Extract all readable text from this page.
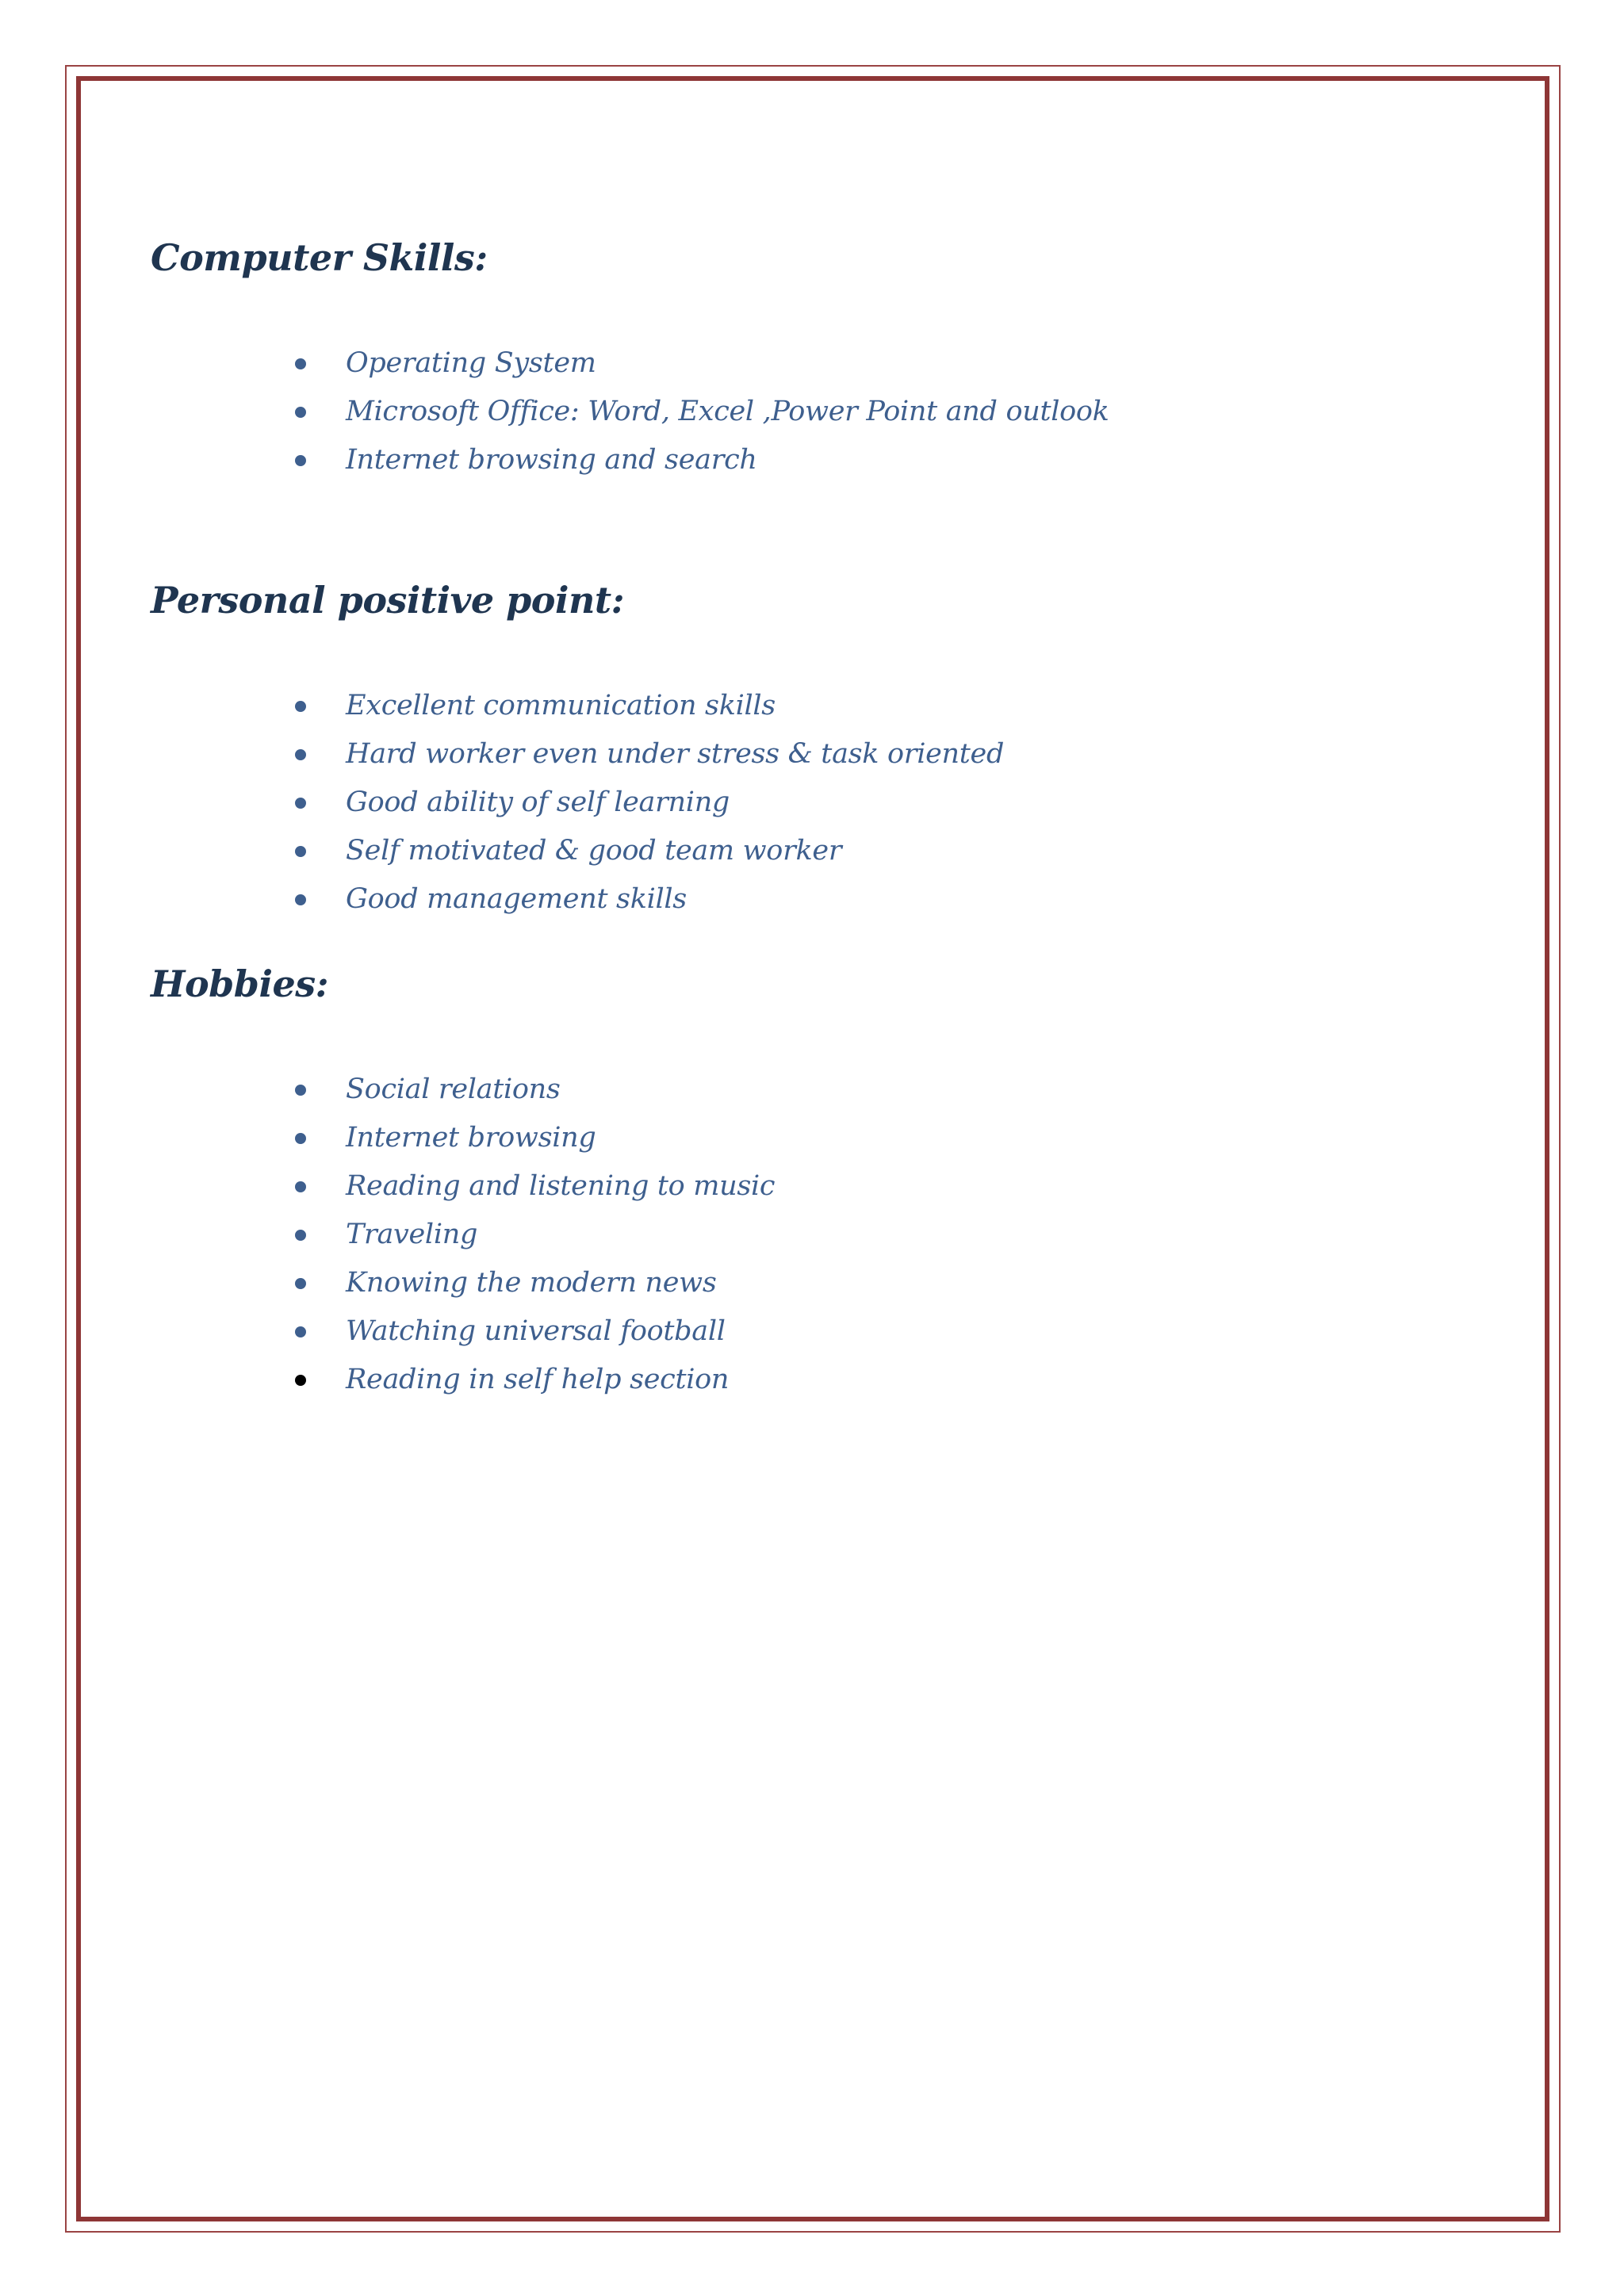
Computer Skills:
Operating System
Microsoft Office: Word, Excel ,Power Point and outlook
Internet browsing and search
Personal positive point:
Excellent communication skills
Hard worker even under stress & task oriented
Good ability of self learning
Self motivated & good team worker
Good management skills
Hobbies:
Social relations
Internet browsing
Reading and listening to music
Traveling
Knowing the modern news
Watching universal football
Reading in self help section
